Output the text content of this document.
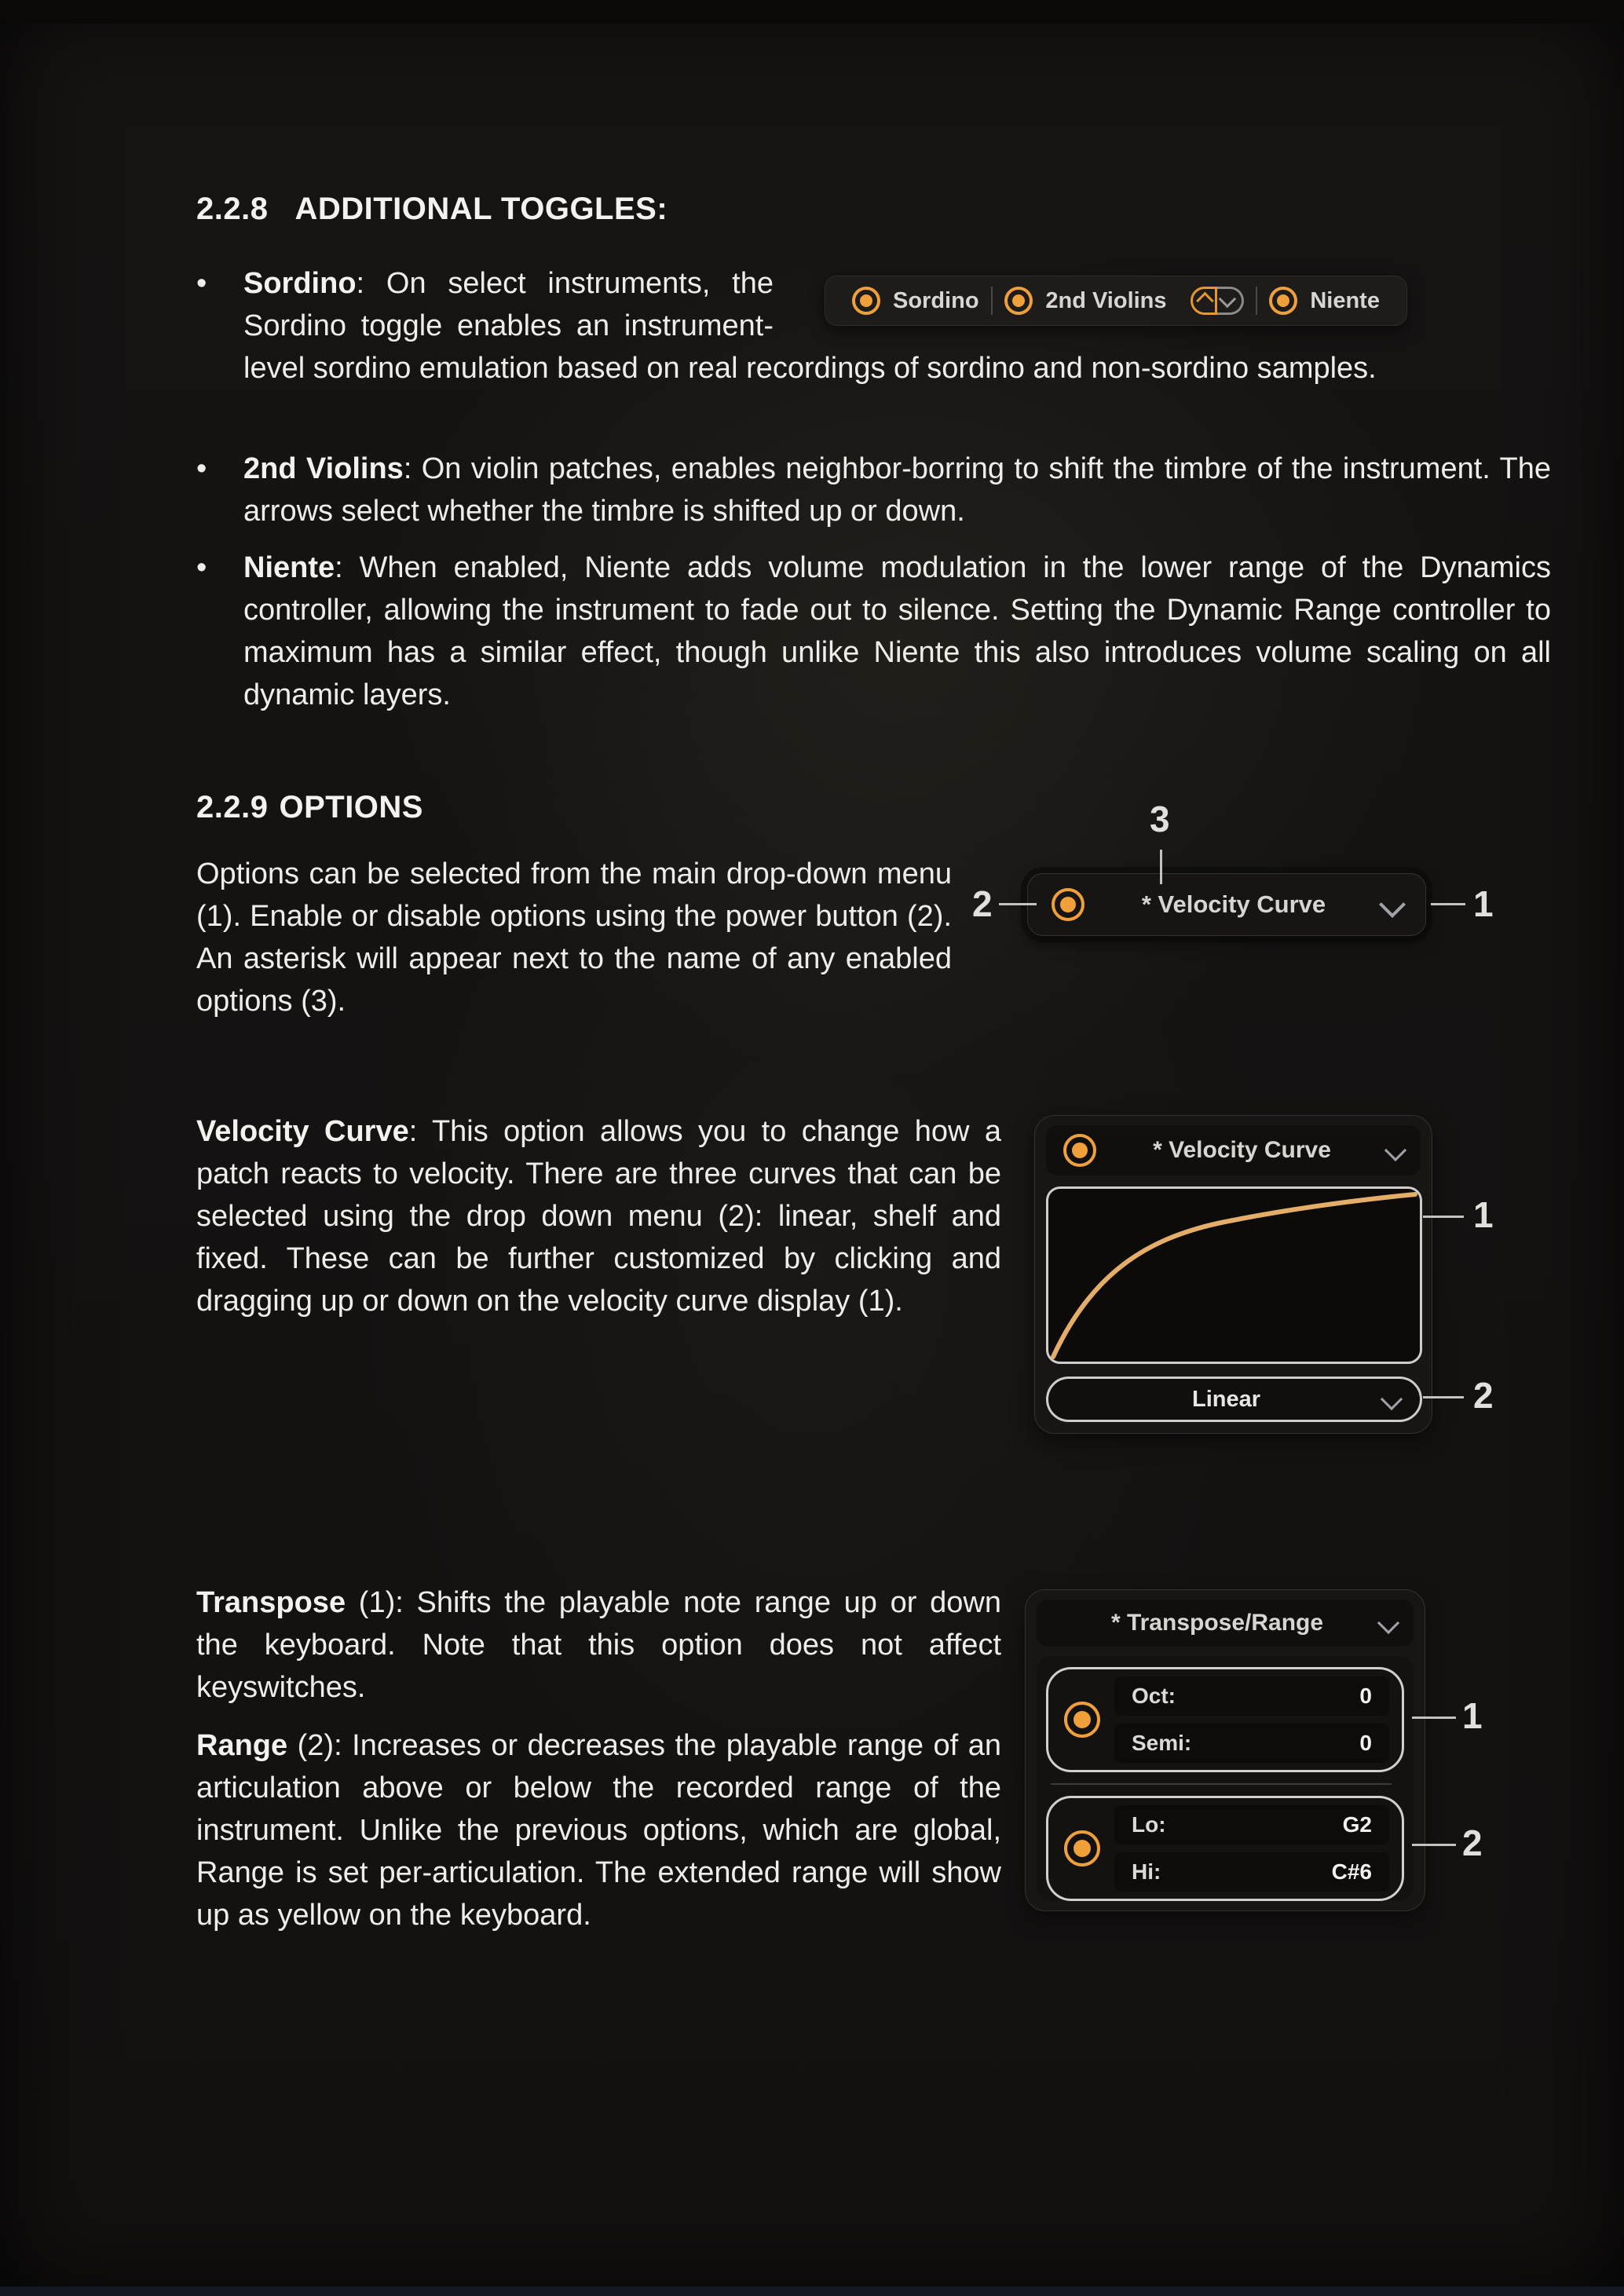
2.2.8 ADDITIONAL TOGGLES:
•	Sordino: On select instruments, the Sordino toggle enables an instrument-level sordino emulation based on real recordings of sordino and non-sordino samples.
Sordino	2nd Violins	Niente
•	2nd Violins: On violin patches, enables neighbor-borring to shift the timbre of the instrument. The arrows select whether the timbre is shifted up or down.
•	Niente: When enabled, Niente adds volume modulation in the lower range of the Dynamics controller, allowing the instrument to fade out to silence. Setting the Dynamic Range controller to maximum has a similar effect, though unlike Niente this also introduces volume scaling on all dynamic layers.
2.2.9 OPTIONS
Options can be selected from the main drop-down menu (1). Enable or disable options using the power button (2). An asterisk will appear next to the name of any enabled options (3).
* Velocity Curve
2
3
1
Velocity Curve: This option allows you to change how a patch reacts to velocity. There are three curves that can be selected using the drop down menu (2): linear, shelf and fixed. These can be further customized by clicking and dragging up or down on the velocity curve display (1).
* Velocity Curve
Linear
1
2
Transpose (1): Shifts the playable note range up or down the keyboard. Note that this option does not affect keyswitches.
Range (2): Increases or decreases the playable range of an articulation above or below the recorded range of the instrument. Unlike the previous options, which are global, Range is set per-articulation. The extended range will show up as yellow on the keyboard.
* Transpose/Range
Oct:	0
Semi:	0
Lo:	G2
Hi:	C#6
1
2
